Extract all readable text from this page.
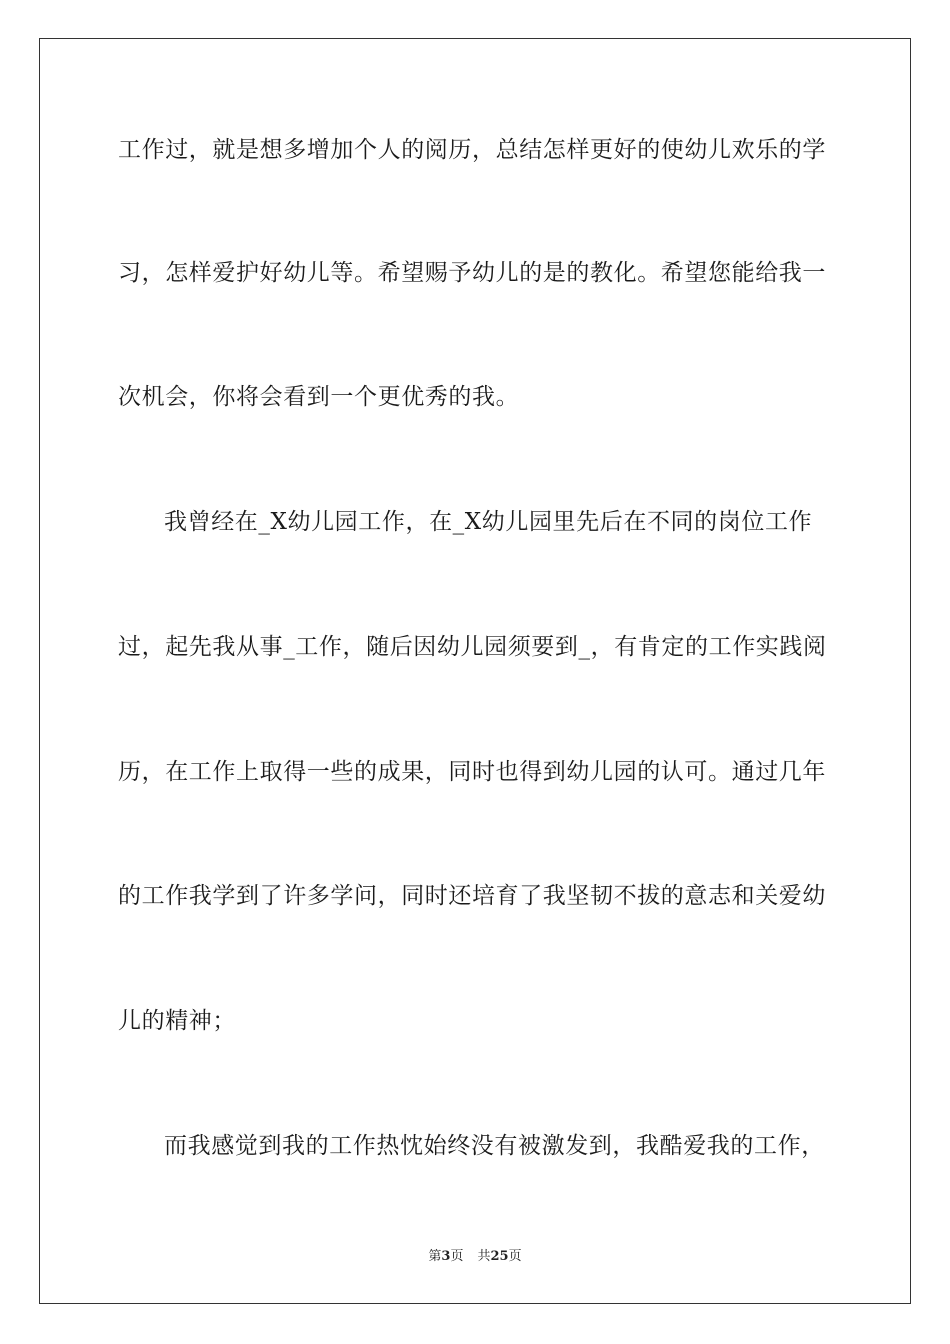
工作过，就是想多增加个人的阅历，总结怎样更好的使幼儿欢乐的学
习，怎样爱护好幼儿等。希望赐予幼儿的是的教化。希望您能给我一
次机会，你将会看到一个更优秀的我。
我曾经在_X幼儿园工作，在_X幼儿园里先后在不同的岗位工作
过，起先我从事_工作，随后因幼儿园须要到_，有肯定的工作实践阅
历，在工作上取得一些的成果，同时也得到幼儿园的认可。通过几年
的工作我学到了许多学问，同时还培育了我坚韧不拔的意志和关爱幼
儿的精神；
而我感觉到我的工作热忱始终没有被激发到，我酷爱我的工作，
第3页 共25页
